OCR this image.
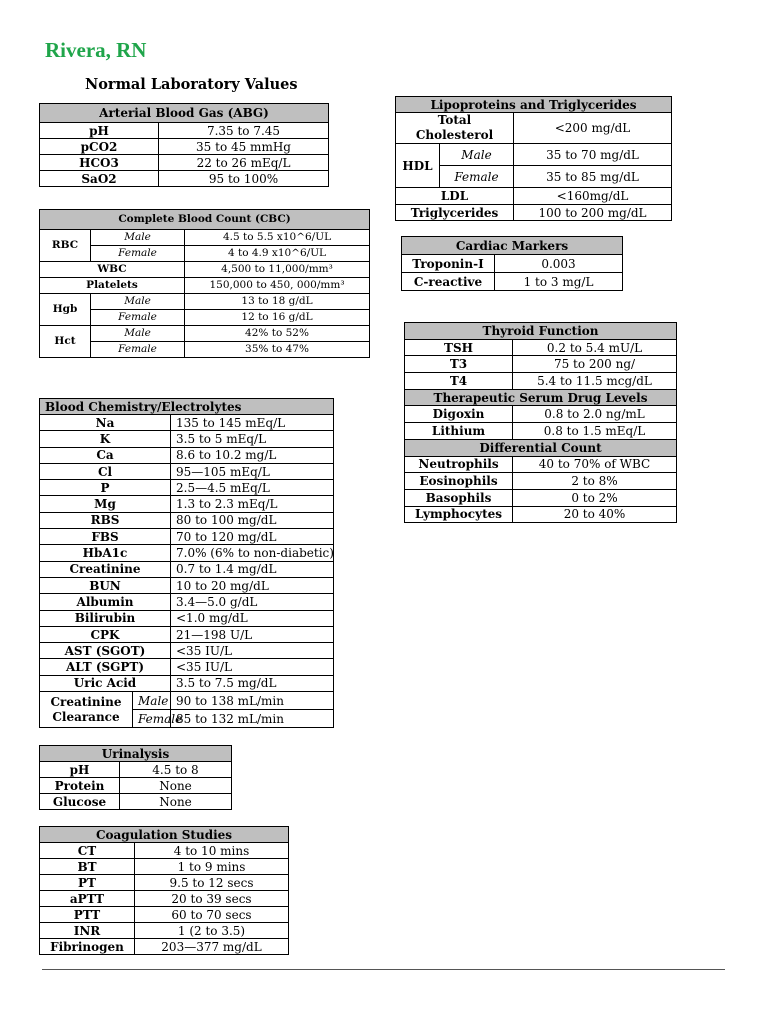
Rivera, RN
Normal Laboratory Values
Arterial Blood Gas (ABG)	
pH	7.35 to 7.45
pCO2	35 to 45 mmHg
HCO3	22 to 26 mEq/L
SaO2	95 to 100%
Complete Blood Count (CBC)		
RBC	Male	4.5 to 5.5 x10^6/UL
	Female	4 to 4.9 x10^6/UL
WBC		4,500 to 11,000/mm³
Platelets		150,000 to 450, 000/mm³
Hgb	Male	13 to 18 g/dL
	Female	12 to 16 g/dL
Hct	Male	42% to 52%
	Female	35% to 47%
Blood Chemistry/Electrolytes		
Na		135 to 145 mEq/L
K		3.5 to 5 mEq/L
Ca		8.6 to 10.2 mg/L
Cl		95—105 mEq/L
P		2.5—4.5 mEq/L
Mg		1.3 to 2.3 mEq/L
RBS		80 to 100 mg/dL
FBS		70 to 120 mg/dL
HbA1c		7.0% (6% to non-diabetic)
Creatinine		0.7 to 1.4 mg/dL
BUN		10 to 20 mg/dL
Albumin		3.4—5.0 g/dL
Bilirubin		<1.0 mg/dL
CPK		21—198 U/L
AST (SGOT)		<35 IU/L
ALT (SGPT)		<35 IU/L
Uric Acid		3.5 to 7.5 mg/dL
Creatinine
Clearance	Male	90 to 138 mL/min
	Female	85 to 132 mL/min
Urinalysis	
pH	4.5 to 8
Protein	None
Glucose	None
Coagulation Studies	
CT	4 to 10 mins
BT	1 to 9 mins
PT	9.5 to 12 secs
aPTT	20 to 39 secs
PTT	60 to 70 secs
INR	1 (2 to 3.5)
Fibrinogen	203—377 mg/dL
Lipoproteins and Triglycerides		
Total
Cholesterol		<200 mg/dL
HDL	Male	35 to 70 mg/dL
	Female	35 to 85 mg/dL
LDL		<160mg/dL
Triglycerides		100 to 200 mg/dL
Cardiac Markers	
Troponin-I	0.003
C-reactive	1 to 3 mg/L
Thyroid Function	
TSH	0.2 to 5.4 mU/L
T3	75 to 200 ng/
T4	5.4 to 11.5 mcg/dL
Therapeutic Serum Drug Levels	
Digoxin	0.8 to 2.0 ng/mL
Lithium	0.8 to 1.5 mEq/L
Differential Count	
Neutrophils	40 to 70% of WBC
Eosinophils	2 to 8%
Basophils	0 to 2%
Lymphocytes	20 to 40%
